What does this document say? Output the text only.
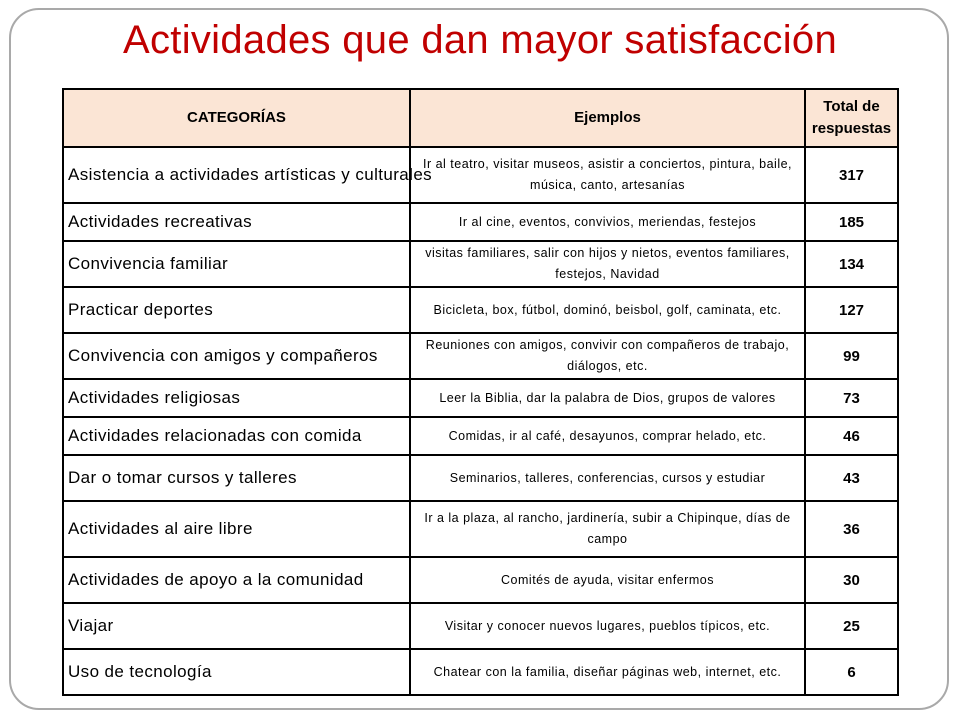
Actividades que dan mayor satisfacción
CATEGORÍAS	Ejemplos	Total de respuestas
Asistencia a actividades artísticas y culturales	Ir al teatro, visitar museos, asistir a conciertos, pintura, baile, música, canto, artesanías	317
Actividades recreativas	Ir al cine, eventos, convivios, meriendas, festejos	185
Convivencia familiar	visitas familiares, salir con hijos y nietos, eventos familiares, festejos, Navidad	134
Practicar deportes	Bicicleta, box, fútbol, dominó, beisbol, golf, caminata, etc.	127
Convivencia con amigos y compañeros	Reuniones con amigos, convivir con compañeros de trabajo, diálogos, etc.	99
Actividades religiosas	Leer la Biblia, dar la palabra de Dios, grupos de valores	73
Actividades relacionadas con comida	Comidas, ir al café, desayunos, comprar helado, etc.	46
Dar o tomar cursos y talleres	Seminarios, talleres, conferencias, cursos y estudiar	43
Actividades al aire libre	Ir a la plaza, al rancho, jardinería, subir a Chipinque, días de campo	36
Actividades de apoyo a la comunidad	Comités de ayuda, visitar enfermos	30
Viajar	Visitar y conocer nuevos lugares, pueblos típicos, etc.	25
Uso de tecnología	Chatear con la familia, diseñar páginas web, internet, etc.	6
